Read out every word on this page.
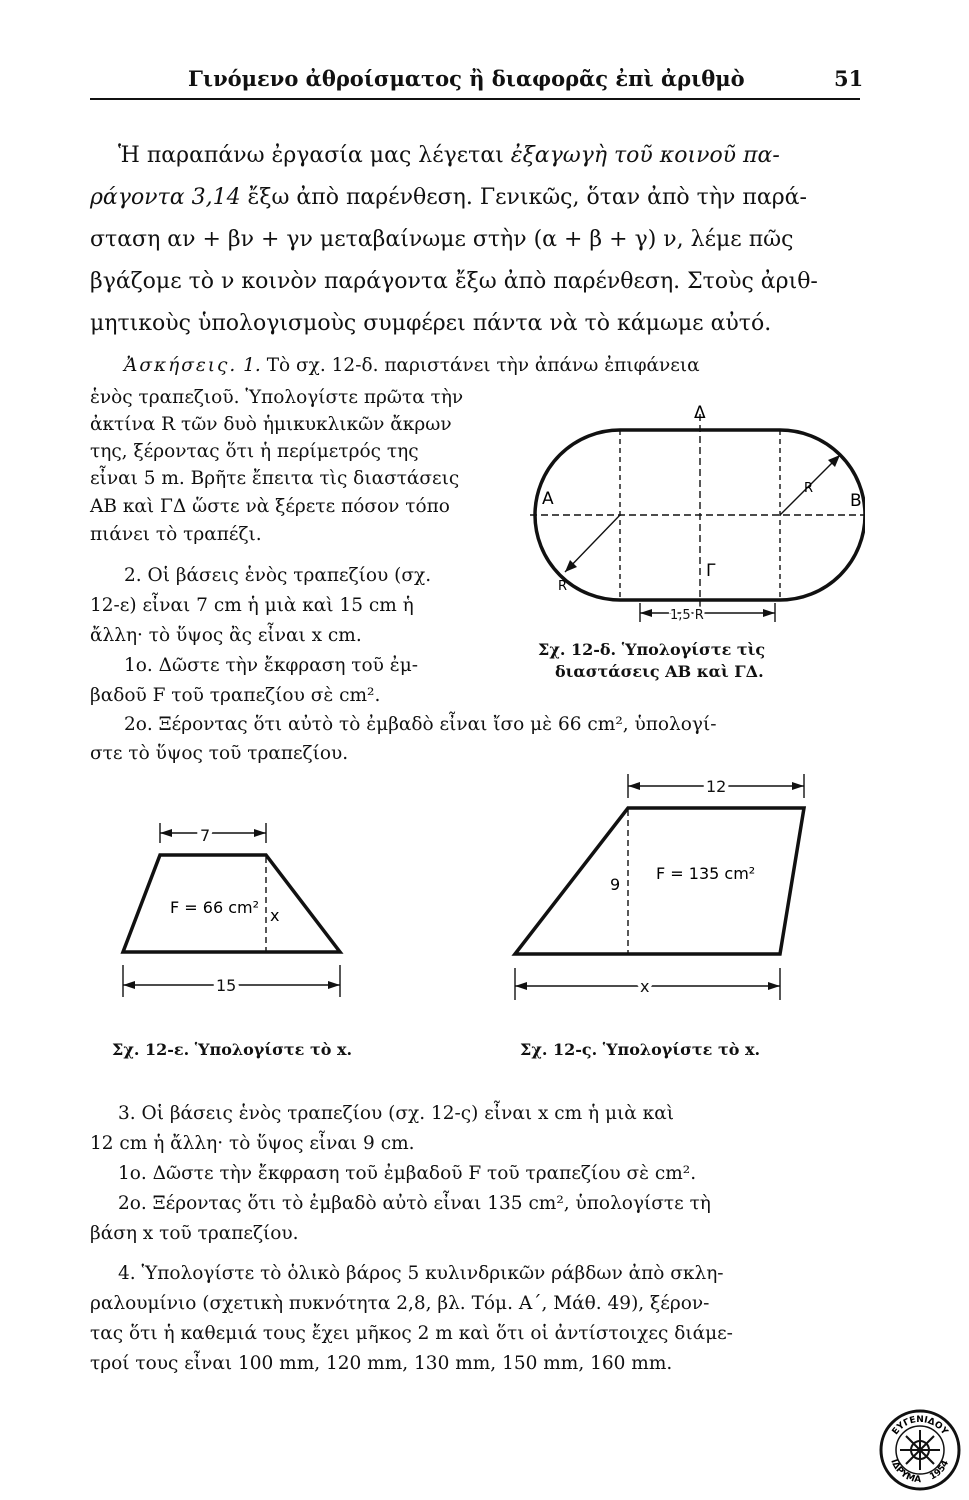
Γινόμενο ἀθροίσματος ἢ διαφορᾶς ἐπὶ ἀριθμὸ	51
Ἡ παραπάνω ἐργασία μας λέγεται ἐξαγωγὴ τοῦ κοινοῦ πα-
ράγοντα 3,14 ἔξω ἀπὸ παρένθεση. Γενικῶς, ὅταν ἀπὸ τὴν παρά-
σταση αν + βν + γν μεταβαίνωμε στὴν (α + β + γ) ν, λέμε πῶς
βγάζομε τὸ ν κοινὸν παράγοντα ἔξω ἀπὸ παρένθεση. Στοὺς ἀριθ-
μητικοὺς ὑπολογισμοὺς συμφέρει πάντα νὰ τὸ κάμωμε αὐτό.
Ἀσκήσεις. 1. Τὸ σχ. 12-δ. παριστάνει τὴν ἀπάνω ἐπιφάνεια
ἑνὸς τραπεζιοῦ. Ὑπολογίστε πρῶτα τὴν
ἀκτίνα R τῶν δυὸ ἡμικυκλικῶν ἄκρων
της, ξέροντας ὅτι ἡ περίμετρός της
εἶναι 5 m. Βρῆτε ἔπειτα τὶς διαστάσεις
ΑΒ καὶ ΓΔ ὥστε νὰ ξέρετε πόσον τόπο
πιάνει τὸ τραπέζι.
2. Οἱ βάσεις ἑνὸς τραπεζίου (σχ.
12-ε) εἶναι 7 cm ἡ μιὰ καὶ 15 cm ἡ
ἄλλη· τὸ ὕψος ἂς εἶναι x cm.
1ο. Δῶστε τὴν ἔκφραση τοῦ ἐμ-
βαδοῦ F τοῦ τραπεζίου σὲ cm².
2ο. Ξέροντας ὅτι αὐτὸ τὸ ἐμβαδὸ εἶναι ἴσο μὲ 66 cm², ὑπολογί-
στε τὸ ὕψος τοῦ τραπεζίου.
Α	Β
Δ
Γ
R
R
1,5 R
Σχ. 12-δ. Ὑπολογίστε τὶς
διαστάσεις ΑΒ καὶ ΓΔ.
7
15
F = 66 cm² x
Σχ. 12-ε. Ὑπολογίστε τὸ x.
12
x
F = 135 cm²
9
Σχ. 12-ς. Ὑπολογίστε τὸ x.
3. Οἱ βάσεις ἑνὸς τραπεζίου (σχ. 12-ς) εἶναι x cm ἡ μιὰ καὶ
12 cm ἡ ἄλλη· τὸ ὕψος εἶναι 9 cm.
1ο. Δῶστε τὴν ἔκφραση τοῦ ἐμβαδοῦ F τοῦ τραπεζίου σὲ cm².
2ο. Ξέροντας ὅτι τὸ ἐμβαδὸ αὐτὸ εἶναι 135 cm², ὑπολογίστε τὴ
βάση x τοῦ τραπεζίου.
4. Ὑπολογίστε τὸ ὁλικὸ βάρος 5 κυλινδρικῶν ράβδων ἀπὸ σκλη-
ραλουμίνιο (σχετικὴ πυκνότητα 2,8, βλ. Τόμ. Α΄, Μάθ. 49), ξέρον-
τας ὅτι ἡ καθεμιά τους ἔχει μῆκος 2 m καὶ ὅτι οἱ ἀντίστοιχες διάμε-
τροί τους εἶναι 100 mm, 120 mm, 130 mm, 150 mm, 160 mm.
ΕΥΓΕΝΙΔΟΥ
ΙΔΡΥΜΑ 1954
